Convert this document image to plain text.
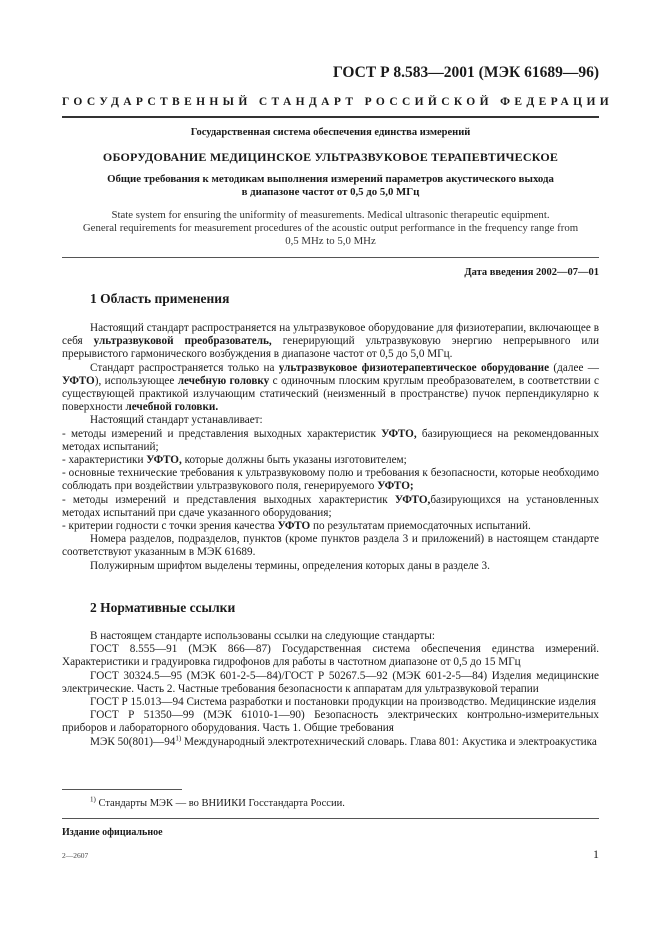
ГОСТ Р 8.583—2001 (МЭК 61689—96)
ГОСУДАРСТВЕННЫЙ СТАНДАРТ РОССИЙСКОЙ ФЕДЕРАЦИИ
Государственная система обеспечения единства измерений
ОБОРУДОВАНИЕ МЕДИЦИНСКОЕ УЛЬТРАЗВУКОВОЕ ТЕРАПЕВТИЧЕСКОЕ
Общие требования к методикам выполнения измерений параметров акустического выхода
в диапазоне частот от 0,5 до 5,0 МГц
State system for ensuring the uniformity of measurements. Medical ultrasonic therapeutic equipment.
General requirements for measurement procedures of the acoustic output performance in the frequency range from
0,5 MHz to 5,0 MHz
Дата введения 2002—07—01
1 Область применения

Настоящий стандарт распространяется на ультразвуковое оборудование для физиотерапии, включающее в себя ультразвуковой преобразователь, генерирующий ультразвуковую энергию непрерывного или прерывистого гармонического возбуждения в диапазоне частот от 0,5 до 5,0 МГц.

Стандарт распространяется только на ультразвуковое физиотерапевтическое оборудование (далее — УФТО), использующее лечебную головку с одиночным плоским круглым преобразователем, в соответствии с существующей практикой излучающим статический (неизменный в пространстве) пучок перпендикулярно к поверхности лечебной головки.

Настоящий стандарт устанавливает:

- методы измерений и представления выходных характеристик УФТО, базирующиеся на рекомендованных методах испытаний;

- характеристики УФТО, которые должны быть указаны изготовителем;

- основные технические требования к ультразвуковому полю и требования к безопасности, которые необходимо соблюдать при воздействии ультразвукового поля, генерируемого УФТО;

- методы измерений и представления выходных характеристик УФТО,базирующихся на установленных методах испытаний при сдаче указанного оборудования;

- критерии годности с точки зрения качества УФТО по результатам приемосдаточных испытаний.

Номера разделов, подразделов, пунктов (кроме пунктов раздела 3 и приложений) в настоящем стандарте соответствуют указанным в МЭК 61689.

Полужирным шрифтом выделены термины, определения которых даны в разделе 3.

2 Нормативные ссылки

В настоящем стандарте использованы ссылки на следующие стандарты:

ГОСТ 8.555—91 (МЭК 866—87) Государственная система обеспечения единства измерений. Характеристики и градуировка гидрофонов для работы в частотном диапазоне от 0,5 до 15 МГц

ГОСТ 30324.5—95 (МЭК 601-2-5—84)/ГОСТ Р 50267.5—92 (МЭК 601-2-5—84) Изделия медицинские электрические. Часть 2. Частные требования безопасности к аппаратам для ультразвуковой терапии

ГОСТ Р 15.013—94 Система разработки и постановки продукции на производство. Медицинские изделия

ГОСТ Р 51350—99 (МЭК 61010-1—90) Безопасность электрических контрольно-измерительных приборов и лабораторного оборудования. Часть 1. Общие требования

МЭК 50(801)—94$^{1)}$ Международный электротехнический словарь. Глава 801: Акустика и электроакустика

$^{1)}$ Стандарты МЭК — во ВНИИКИ Госстандарта России.
Издание официальное
2—2607	1
